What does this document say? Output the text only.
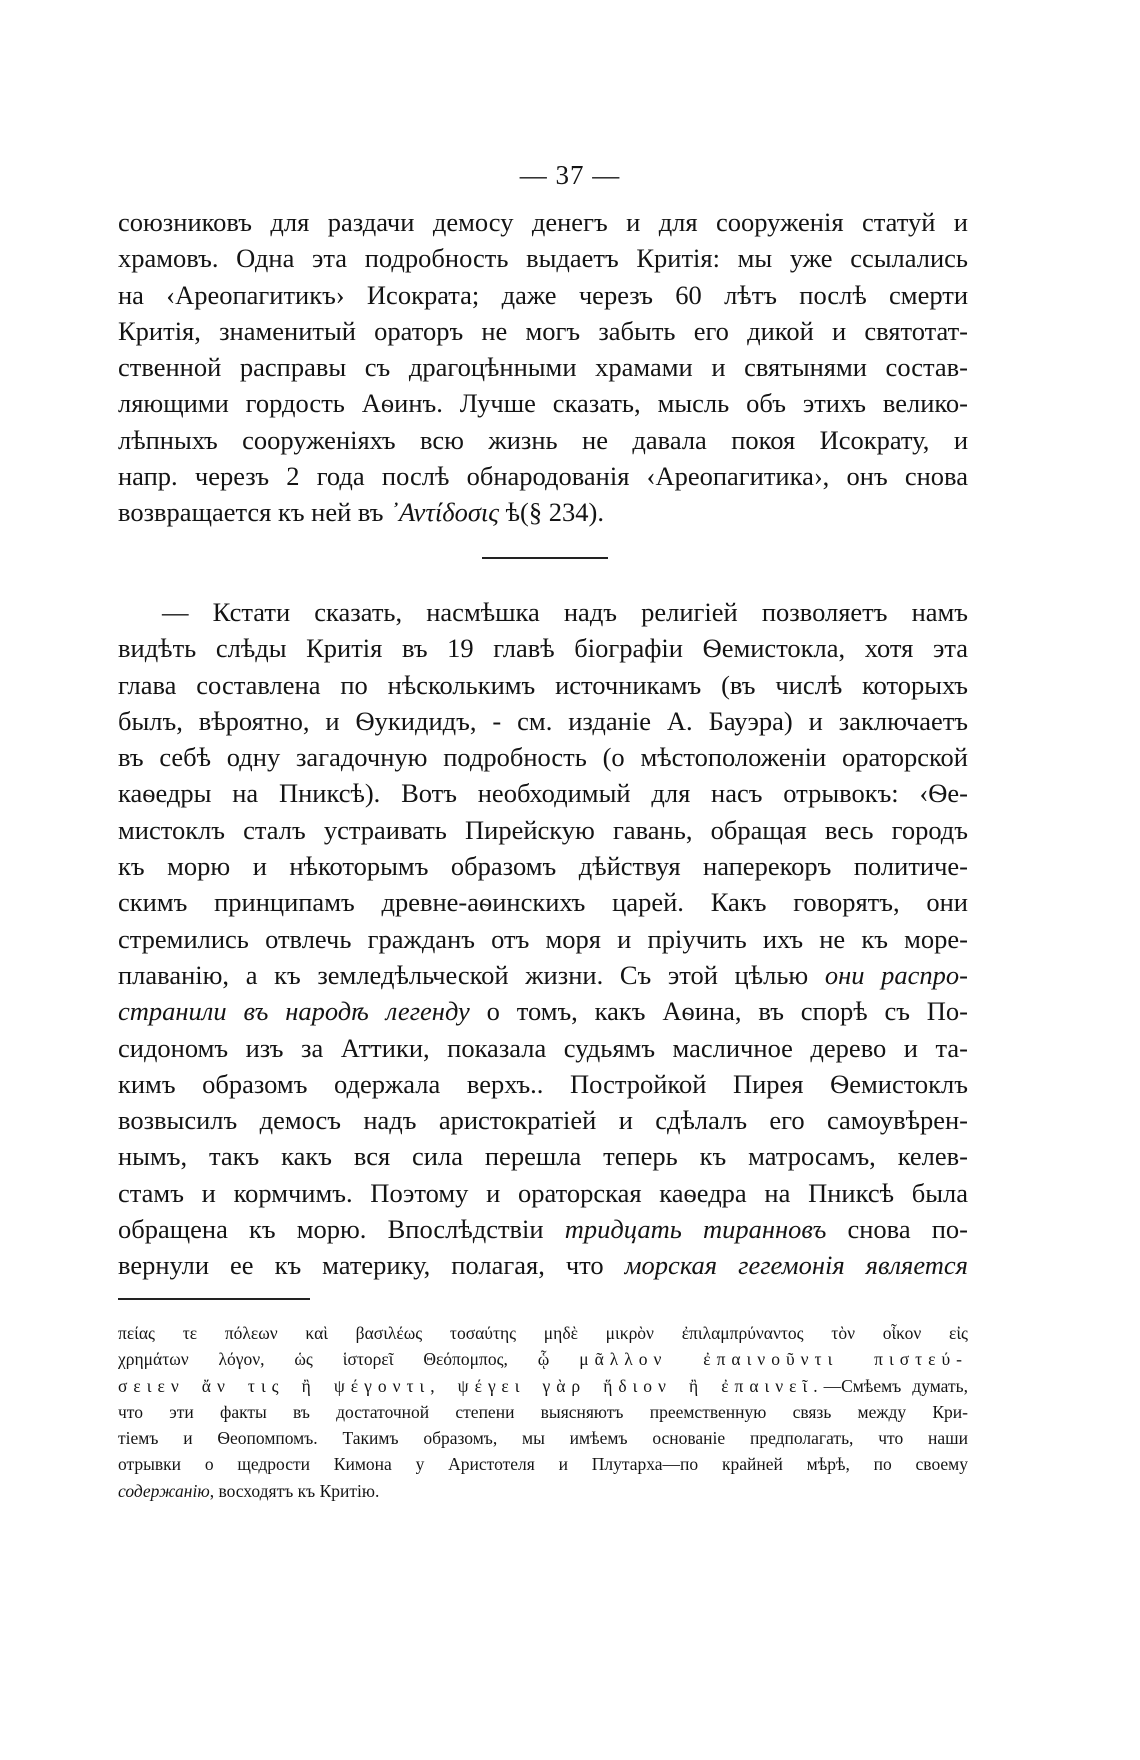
— 37 —
союзниковъ для раздачи демосу денегъ и для сооруженія статуй и
храмовъ. Одна эта подробность выдаетъ Критія: мы уже ссылались
на ‹Ареопагитикъ› Исократа; даже черезъ 60 лѣтъ послѣ смерти
Критія, знаменитый ораторъ не могъ забыть его дикой и святотат-
ственной расправы съ драгоцѣнными храмами и святынями состав-
ляющими гордость Аѳинъ. Лучше сказать, мысль объ этихъ велико-
лѣпныхъ сооруженіяхъ всю жизнь не давала покоя Исократу, и
напр. черезъ 2 года послѣ обнародованія ‹Ареопагитика›, онъ снова
возвращается къ ней въ ᾿Αντίδοσις ѣ(§ 234).
— Кстати сказать, насмѣшка надъ религіей позволяетъ намъ
видѣть слѣды Критія въ 19 главѣ біографіи Ѳемистокла, хотя эта
глава составлена по нѣсколькимъ источникамъ (въ числѣ которыхъ
былъ, вѣроятно, и Ѳукидидъ, - см. изданіе А. Бауэра) и заключаетъ
въ себѣ одну загадочную подробность (о мѣстоположеніи ораторской
каѳедры на Пниксѣ). Вотъ необходимый для насъ отрывокъ: ‹Ѳе-
мистоклъ сталъ устраивать Пирейскую гавань, обращая весь городъ
къ морю и нѣкоторымъ образомъ дѣйствуя наперекоръ политиче-
скимъ принципамъ древне-аѳинскихъ царей. Какъ говорятъ, они
стремились отвлечь гражданъ отъ моря и пріучить ихъ не къ море-
плаванію, а къ земледѣльческой жизни. Съ этой цѣлью они распро-
странили въ народѣ легенду о томъ, какъ Аѳина, въ спорѣ съ По-
сидономъ изъ за Аттики, показала судьямъ масличное дерево и та-
кимъ образомъ одержала верхъ.. Постройкой Пирея Ѳемистоклъ
возвысилъ демосъ надъ аристократіей и сдѣлалъ его самоувѣрен-
нымъ, такъ какъ вся сила перешла теперь къ матросамъ, келев-
стамъ и кормчимъ. Поэтому и ораторская каѳедра на Пниксѣ была
обращена къ морю. Впослѣдствіи тридцать тиранновъ снова по-
вернули ее къ материку, полагая, что морская гегемонія является
πείας τε πόλεων καὶ βασιλέως τοσαύτης μηδὲ μικρὸν ἐπιλαμπρύναντος τὸν οἶκον εἰς
χρημάτων λόγον, ὡς ἱστορεῖ Θεόπομπος, ᾧ μᾶλλον ἐπαινοῦντι πιστεύ-
σειεν ἄν τις ἢ ψέγοντι, ψέγει γὰρ ἥδιον ἢ ἐπαινεῖ.—Смѣемъ думать,
что эти факты въ достаточной степени выясняютъ преемственную связь между Кри-
тіемъ и Ѳеопомпомъ. Такимъ образомъ, мы имѣемъ основаніе предполагать, что наши
отрывки о щедрости Кимона у Аристотеля и Плутарха—по крайней мѣрѣ, по своему
содержанію, восходятъ къ Критію.
